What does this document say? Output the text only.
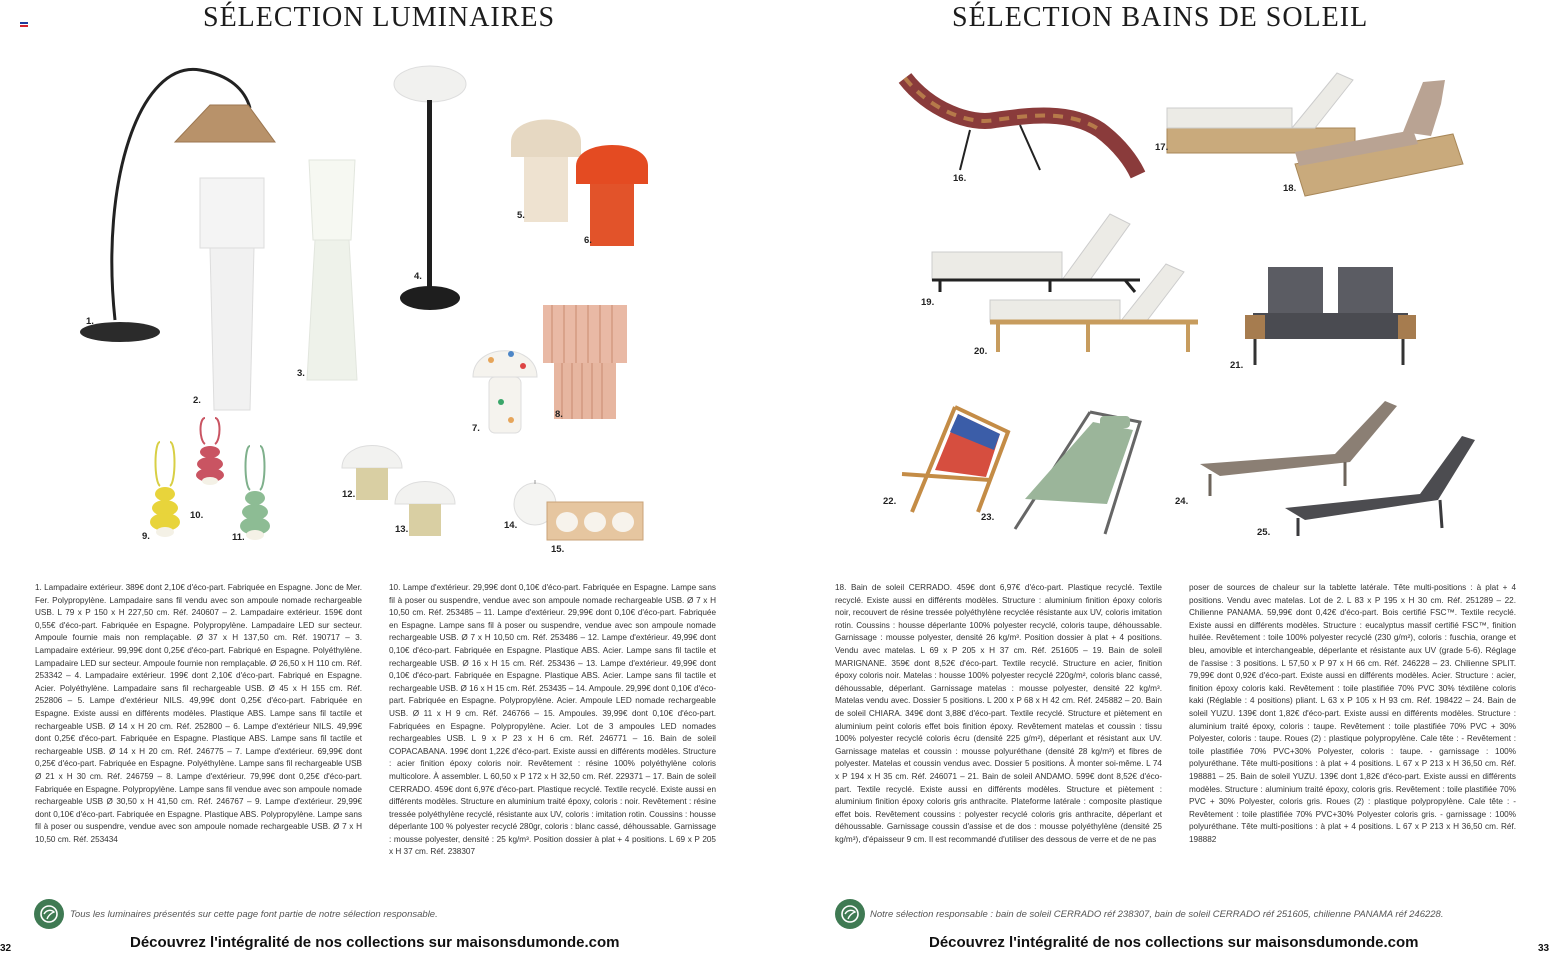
SÉLECTION LUMINAIRES
1.
2.
3.
4.
5.
6.
7.
8.
9.
10.
11.
12.
13.	14.
15.
1. Lampadaire extérieur. 389€ dont 2,10€ d'éco-part. Fabriquée en Espagne. Jonc de Mer. Fer. Polypropylène. Lampadaire sans fil vendu avec son ampoule nomade rechargeable USB. L 79 x P 150 x H 227,50 cm. Réf. 240607 – 2. Lampadaire extérieur. 159€ dont 0,55€ d'éco-part. Fabriquée en Espagne. Polypropylène. Lampadaire LED sur secteur. Ampoule fournie mais non remplaçable. Ø 37 x H 137,50 cm. Réf. 190717 – 3. Lampadaire extérieur. 99,99€ dont 0,25€ d'éco-part. Fabriqué en Espagne. Polyéthylène. Lampadaire LED sur secteur. Ampoule fournie non remplaçable. Ø 26,50 x H 110 cm. Réf. 253342 – 4. Lampadaire extérieur. 199€ dont 2,10€ d'éco-part. Fabriqué en Espagne. Acier. Polyéthylène. Lampadaire sans fil rechargeable USB. Ø 45 x H 155 cm. Réf. 252806 – 5. Lampe d'extérieur NILS. 49,99€ dont 0,25€ d'éco-part. Fabriquée en Espagne. Existe aussi en différents modèles. Plastique ABS. Lampe sans fil tactile et rechargeable USB. Ø 14 x H 20 cm. Réf. 252800 – 6. Lampe d'extérieur NILS. 49,99€ dont 0,25€ d'éco-part. Fabriquée en Espagne. Plastique ABS. Lampe sans fil tactile et rechargeable USB. Ø 14 x H 20 cm. Réf. 246775 – 7. Lampe d'extérieur. 69,99€ dont 0,25€ d'éco-part. Fabriquée en Espagne. Polyéthylène. Lampe sans fil rechargeable USB Ø 21 x H 30 cm. Réf. 246759 – 8. Lampe d'extérieur. 79,99€ dont 0,25€ d'éco-part. Fabriquée en Espagne. Polypropylène. Lampe sans fil vendue avec son ampoule nomade rechargeable USB Ø 30,50 x H 41,50 cm. Réf. 246767 – 9. Lampe d'extérieur. 29,99€ dont 0,10€ d'éco-part. Fabriquée en Espagne. Plastique ABS. Polypropylène. Lampe sans fil à poser ou suspendre, vendue avec son ampoule nomade rechargeable USB. Ø 7 x H 10,50 cm. Réf. 253434
10. Lampe d'extérieur. 29,99€ dont 0,10€ d'éco-part. Fabriquée en Espagne. Lampe sans fil à poser ou suspendre, vendue avec son ampoule nomade rechargeable USB. Ø 7 x H 10,50 cm. Réf. 253485 – 11. Lampe d'extérieur. 29,99€ dont 0,10€ d'éco-part. Fabriquée en Espagne. Lampe sans fil à poser ou suspendre, vendue avec son ampoule nomade rechargeable USB. Ø 7 x H 10,50 cm. Réf. 253486 – 12. Lampe d'extérieur. 49,99€ dont 0,10€ d'éco-part. Fabriquée en Espagne. Plastique ABS. Acier. Lampe sans fil tactile et rechargeable USB. Ø 16 x H 15 cm. Réf. 253436 – 13. Lampe d'extérieur. 49,99€ dont 0,10€ d'éco-part. Fabriquée en Espagne. Plastique ABS. Acier. Lampe sans fil tactile et rechargeable USB. Ø 16 x H 15 cm. Réf. 253435 – 14. Ampoule. 29,99€ dont 0,10€ d'éco-part. Fabriquée en Espagne. Polypropylène. Acier. Ampoule LED nomade rechargeable USB. Ø 11 x H 9 cm. Réf. 246766 – 15. Ampoules. 39,99€ dont 0,10€ d'éco-part. Fabriquées en Espagne. Polypropylène. Acier. Lot de 3 ampoules LED nomades rechargeables USB. L 9 x P 23 x H 6 cm. Réf. 246771 – 16. Bain de soleil COPACABANA. 199€ dont 1,22€ d'éco-part. Existe aussi en différents modèles. Structure : acier finition époxy coloris noir. Revêtement : résine 100% polyéthylène coloris multicolore. À assembler. L 60,50 x P 172 x H 32,50 cm. Réf. 229371 – 17. Bain de soleil CERRADO. 459€ dont 6,97€ d'éco-part. Plastique recyclé. Textile recyclé. Existe aussi en différents modèles. Structure en aluminium traité époxy, coloris : noir. Revêtement : résine tressée polyéthylène recyclé, résistante aux UV, coloris : imitation rotin. Coussins : housse déperlante 100 % polyester recyclé 280gr, coloris : blanc cassé, déhoussable. Garnissage : mousse polyester, densité : 25 kg/m³. Position dossier à plat + 4 positions. L 69 x P 205 x H 37 cm. Réf. 238307
Tous les luminaires présentés sur cette page font partie de notre sélection responsable.
32	Découvrez l'intégralité de nos collections sur maisonsdumonde.com
SÉLECTION BAINS DE SOLEIL
16.
17.
18.
19.
20.
21.
22.
23.
24.
25.
18. Bain de soleil CERRADO. 459€ dont 6,97€ d'éco-part. Plastique recyclé. Textile recyclé. Existe aussi en différents modèles. Structure : aluminium finition époxy coloris noir, recouvert de résine tressée polyéthylène recyclée résistante aux UV, coloris imitation rotin. Coussins : housse déperlante 100% polyester recyclé, coloris taupe, déhoussable. Garnissage : mousse polyester, densité 26 kg/m³. Position dossier à plat + 4 positions. Vendu avec matelas. L 69 x P 205 x H 37 cm. Réf. 251605 – 19. Bain de soleil MARIGNANE. 359€ dont 8,52€ d'éco-part. Textile recyclé. Structure en acier, finition époxy coloris noir. Matelas : housse 100% polyester recyclé 220g/m², coloris blanc cassé, déhoussable, déperlant. Garnissage matelas : mousse polyester, densité 22 kg/m³. Matelas vendu avec. Dossier 5 positions. L 200 x P 68 x H 42 cm. Réf. 245882 – 20. Bain de soleil CHIARA. 349€ dont 3,88€ d'éco-part. Textile recyclé. Structure et piètement en aluminium peint coloris effet bois finition époxy. Revêtement matelas et coussin : tissu 100% polyester recyclé coloris écru (densité 225 g/m²), déperlant et résistant aux UV. Garnissage matelas et coussin : mousse polyuréthane (densité 28 kg/m³) et fibres de polyester. Matelas et coussin vendus avec. Dossier 5 positions. À monter soi-même. L 74 x P 194 x H 35 cm. Réf. 246071 – 21. Bain de soleil ANDAMO. 599€ dont 8,52€ d'éco-part. Textile recyclé. Existe aussi en différents modèles. Structure et piètement : aluminium finition époxy coloris gris anthracite. Plateforme latérale : composite plastique effet bois. Revêtement coussins : polyester recyclé coloris gris anthracite, déperlant et déhoussable. Garnissage coussin d'assise et de dos : mousse polyéthylène (densité 25 kg/m³), d'épaisseur 9 cm. Il est recommandé d'utiliser des dessous de verre et de ne pas
poser de sources de chaleur sur la tablette latérale. Tête multi-positions : à plat + 4 positions. Vendu avec matelas. Lot de 2. L 83 x P 195 x H 30 cm. Réf. 251289 – 22. Chilienne PANAMA. 59,99€ dont 0,42€ d'éco-part. Bois certifié FSC™. Textile recyclé. Existe aussi en différents modèles. Structure : eucalyptus massif certifié FSC™, finition huilée. Revêtement : toile 100% polyester recyclé (230 g/m²), coloris : fuschia, orange et bleu, amovible et interchangeable, déperlante et résistante aux UV (grade 5-6). Réglage de l'assise : 3 positions. L 57,50 x P 97 x H 66 cm. Réf. 246228 – 23. Chilienne SPLIT. 79,99€ dont 0,92€ d'éco-part. Existe aussi en différents modèles. Acier. Structure : acier, finition époxy coloris kaki. Revêtement : toile plastifiée 70% PVC 30% téxtilène coloris kaki (Réglable : 4 positions) pliant. L 63 x P 105 x H 93 cm. Réf. 198422 – 24. Bain de soleil YUZU. 139€ dont 1,82€ d'éco-part. Existe aussi en différents modèles. Structure : aluminium traité époxy, coloris : taupe. Revêtement : toile plastifiée 70% PVC + 30% Polyester, coloris : taupe. Roues (2) : plastique polypropylène. Cale tête : - Revêtement : toile plastifiée 70% PVC+30% Polyester, coloris : taupe. - garnissage : 100% polyuréthane. Tête multi-positions : à plat + 4 positions. L 67 x P 213 x H 36,50 cm. Réf. 198881 – 25. Bain de soleil YUZU. 139€ dont 1,82€ d'éco-part. Existe aussi en différents modèles. Structure : aluminium traité époxy, coloris gris. Revêtement : toile plastifiée 70% PVC + 30% Polyester, coloris gris. Roues (2) : plastique polypropylène. Cale tête : - Revêtement : toile plastifiée 70% PVC+30% Polyester coloris gris. - garnissage : 100% polyuréthane. Tête multi-positions : à plat + 4 positions. L 67 x P 213 x H 36,50 cm. Réf. 198882
Notre sélection responsable : bain de soleil CERRADO réf 238307, bain de soleil CERRADO réf 251605, chilienne PANAMA réf 246228.
Découvrez l'intégralité de nos collections sur maisonsdumonde.com	33
